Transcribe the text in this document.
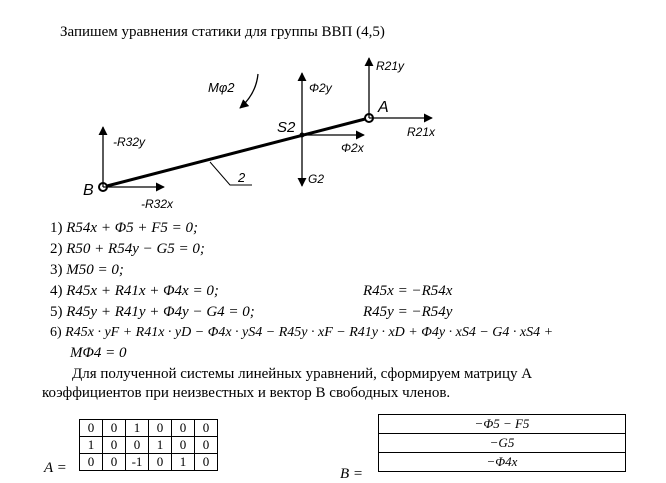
Запишем уравнения статики для группы ВВП (4,5)
Mφ2	Φ2y
R21y
A
S2	R21x
-R32y	Φ2x
G2
B
2
-R32x
1) R54x + Φ5 + F5 = 0;
2) R50 + R54y − G5 = 0;
3) M50 = 0;
4) R45x + R41x + Φ4x = 0;
5) R45y + R41y + Φ4y − G4 = 0;
6) R45x · yF + R41x · yD − Φ4x · yS4 − R45y · xF − R41y · xD + Φ4y · xS4 − G4 · xS4 +
MΦ4 = 0
R45x = −R54x
R45y = −R54y
Для полученной системы линейных уравнений, сформируем матрицу A
коэффициентов при неизвестных и вектор B свободных членов.
0	0	1	0	0	0
1	0	0	1	0	0
0	0	-1	0	1	0
A =	B =
−Φ5 − F5
−G5
−Φ4x
